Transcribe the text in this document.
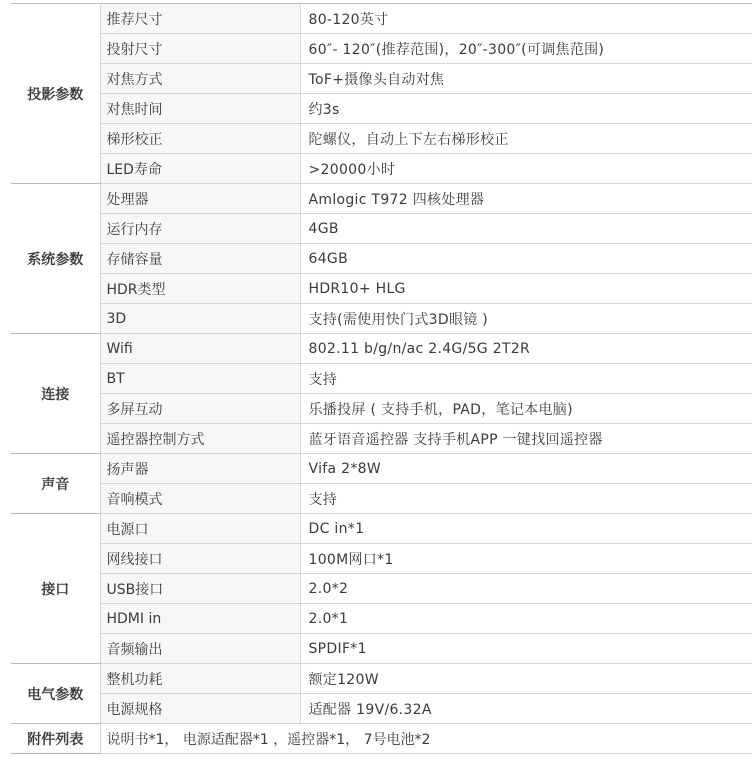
投影参数	推荐尺寸	80-120英寸
	投射尺寸	60″- 120″(推荐范围)，20″-300″(可调焦范围)
	对焦方式	ToF+摄像头自动对焦
	对焦时间	约3s
	梯形校正	陀螺仪，自动上下左右梯形校正
	LED寿命	>20000小时
系统参数	处理器	Amlogic T972 四核处理器
	运行内存	4GB
	存储容量	64GB
	HDR类型	HDR10+ HLG
	3D	支持(需使用快门式3D眼镜 )
连接	Wifi	802.11 b/g/n/ac 2.4G/5G 2T2R
	BT	支持
	多屏互动	乐播投屏 ( 支持手机，PAD，笔记本电脑)
	遥控器控制方式	蓝牙语音遥控器 支持手机APP 一键找回遥控器
声音	扬声器	Vifa 2*8W
	音响模式	支持
接口	电源口	DC in*1
	网线接口	100M网口*1
	USB接口	2.0*2
	HDMI in	2.0*1
	音频输出	SPDIF*1
电气参数	整机功耗	额定120W
	电源规格	适配器 19V/6.32A
附件列表	说明书*1， 电源适配器*1 ，遥控器*1， 7号电池*2	
